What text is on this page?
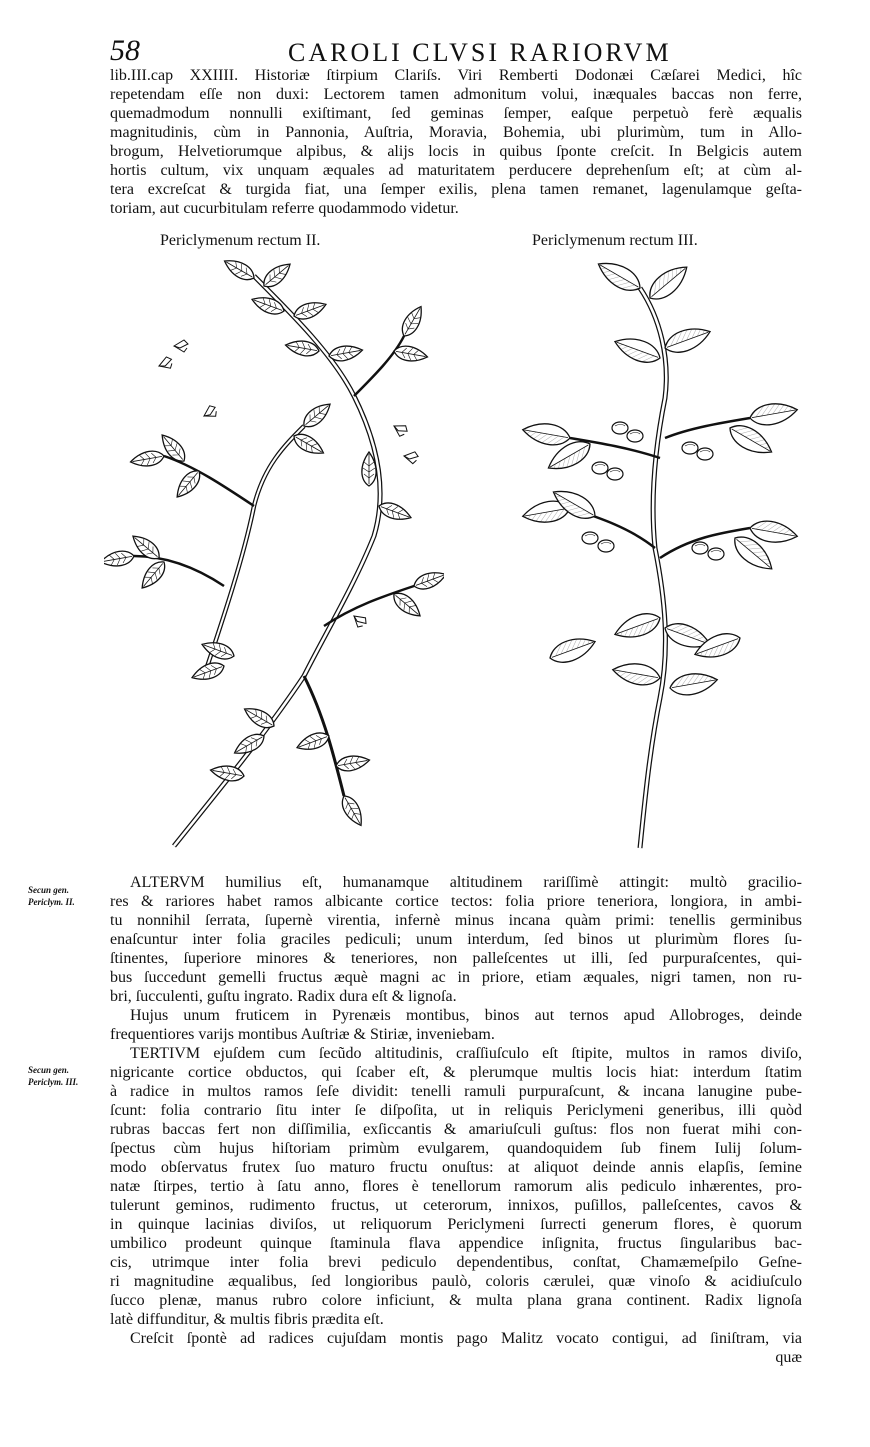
58	CAROLI CLVSI RARIORVM
lib.III.cap XXIIII. Historiæ ſtirpium Clariſs. Viri Remberti Dodonæi Cæſarei Medici, hîc
repetendam eſſe non duxi: Lectorem tamen admonitum volui, inæquales baccas non ferre,
quemadmodum nonnulli exiſtimant, ſed geminas ſemper, eaſque perpetuò ferè æqualis
magnitudinis, cùm in Pannonia, Auſtria, Moravia, Bohemia, ubi plurimùm, tum in Allo-
brogum, Helvetiorumque alpibus, & alijs locis in quibus ſponte creſcit. In Belgicis autem
hortis cultum, vix unquam æquales ad maturitatem perducere deprehenſum eſt; at cùm al-
tera excreſcat & turgida fiat, una ſemper exilis, plena tamen remanet, lagenulamque geſta-
toriam, aut cucurbitulam referre quodammodo videtur.
Periclymenum rectum II.	Periclymenum rectum III.
Secun gen.
Periclym. II.
Secun gen.
Periclym. III.
ALTERVM humilius eſt, humanamque altitudinem rariſſimè attingit: multò gracilio-
res & rariores habet ramos albicante cortice tectos: folia priore teneriora, longiora, in ambi-
tu nonnihil ſerrata, ſupernè virentia, infernè minus incana quàm primi: tenellis germinibus
enaſcuntur inter folia graciles pediculi; unum interdum, ſed binos ut plurimùm flores ſu-
ſtinentes, ſuperiore minores & teneriores, non palleſcentes ut illi, ſed purpuraſcentes, qui-
bus ſuccedunt gemelli fructus æquè magni ac in priore, etiam æquales, nigri tamen, non ru-
bri, ſucculenti, guſtu ingrato. Radix dura eſt & lignoſa.
Hujus unum fruticem in Pyrenæis montibus, binos aut ternos apud Allobroges, deinde
frequentiores varijs montibus Auſtriæ & Stiriæ, inveniebam.
TERTIVM ejuſdem cum ſecũdo altitudinis, craſſiuſculo eſt ſtipite, multos in ramos diviſo,
nigricante cortice obductos, qui ſcaber eſt, & plerumque multis locis hiat: interdum ſtatim
à radice in multos ramos ſeſe dividit: tenelli ramuli purpuraſcunt, & incana lanugine pube-
ſcunt: folia contrario ſitu inter ſe diſpoſita, ut in reliquis Periclymeni generibus, illi quòd
rubras baccas fert non diſſimilia, exſiccantis & amariuſculi guſtus: flos non fuerat mihi con-
ſpectus cùm hujus hiſtoriam primùm evulgarem, quandoquidem ſub finem Iulij ſolum-
modo obſervatus frutex ſuo maturo fructu onuſtus: at aliquot deinde annis elapſis, ſemine
natæ ſtirpes, tertio à ſatu anno, flores è tenellorum ramorum alis pediculo inhærentes, pro-
tulerunt geminos, rudimento fructus, ut ceterorum, innixos, puſillos, palleſcentes, cavos &
in quinque lacinias diviſos, ut reliquorum Periclymeni ſurrecti generum flores, è quorum
umbilico prodeunt quinque ſtaminula flava appendice inſignita, fructus ſingularibus bac-
cis, utrimque inter folia brevi pediculo dependentibus, conſtat, Chamæmeſpilo Geſne-
ri magnitudine æqualibus, ſed longioribus paulò, coloris cærulei, quæ vinoſo & acidiuſculo
ſucco plenæ, manus rubro colore inficiunt, & multa plana grana continent. Radix lignoſa
latè diffunditur, & multis fibris prædita eſt.
Creſcit ſpontè ad radices cujuſdam montis pago Malitz vocato contigui, ad ſiniſtram, via
quæ
